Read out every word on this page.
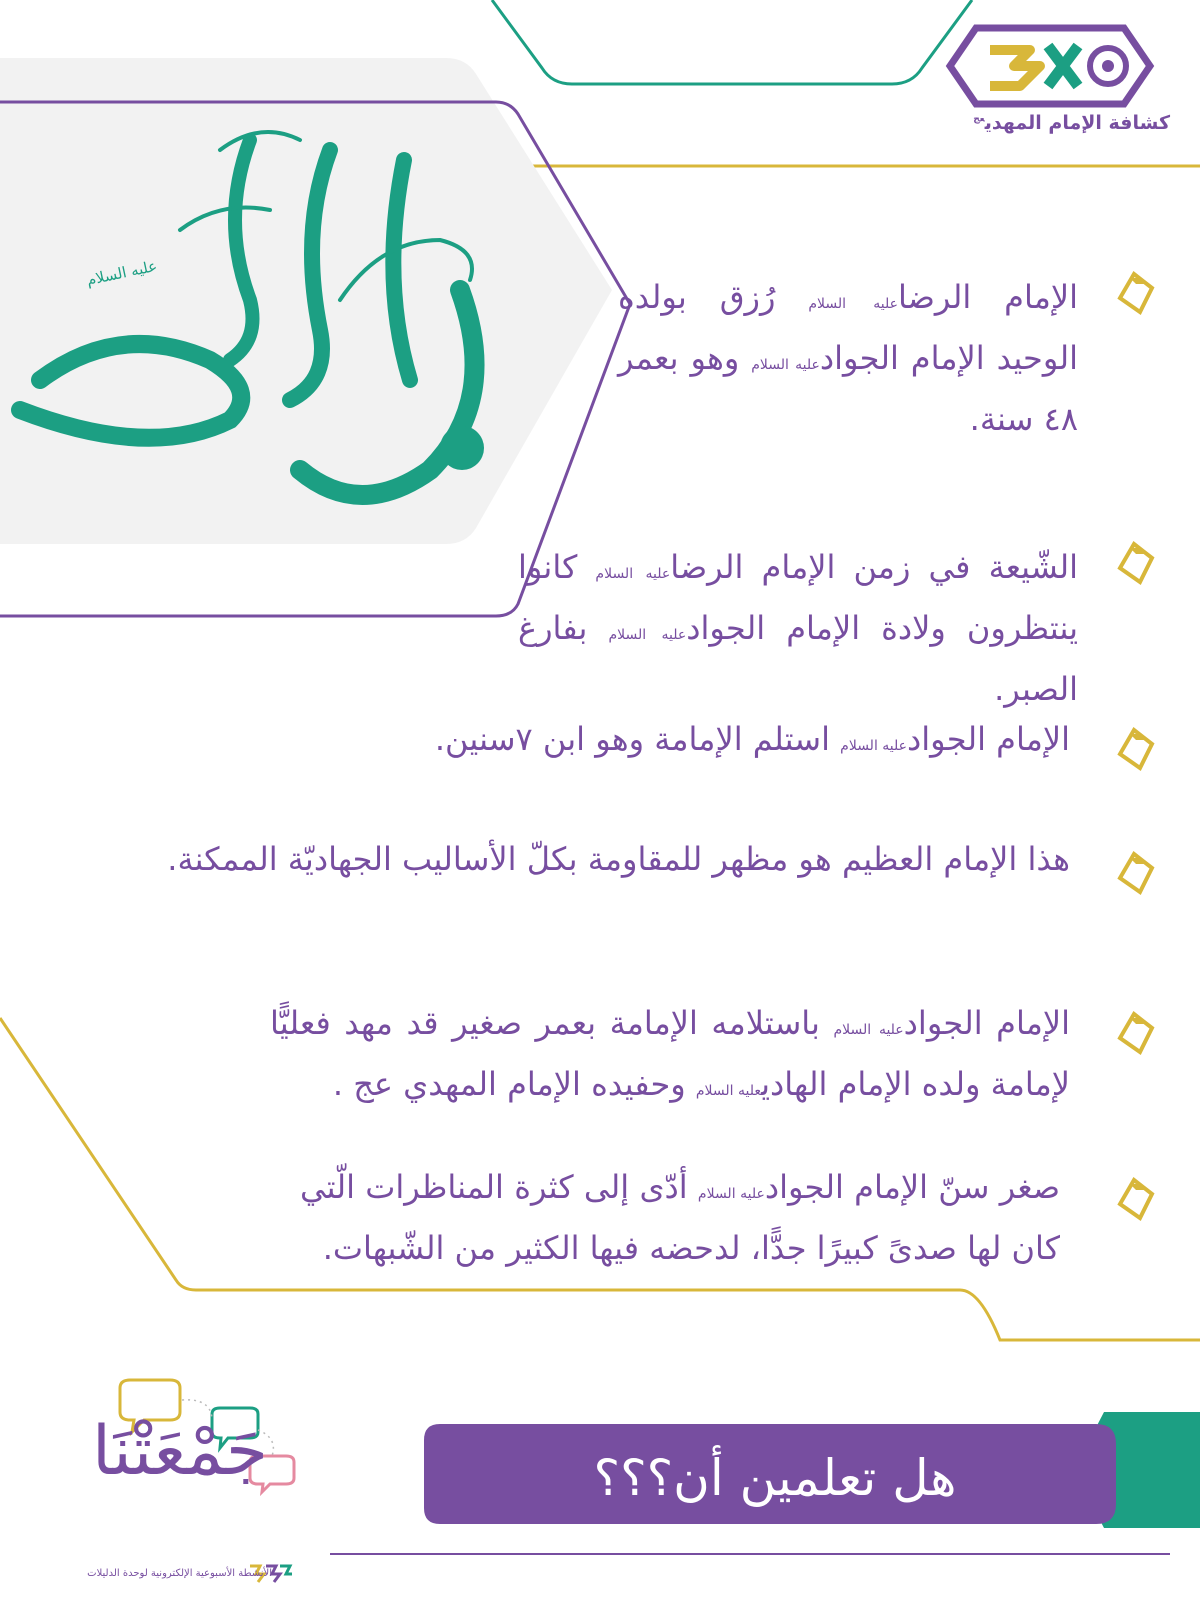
كشافة الإمام المهدي$^{عج}$
عليه السلام

الإمام الرضاعليه السلام رُزق بولده الوحيد الإمام الجوادعليه السلام وهو بعمر ٤٨ سنة.

الشّيعة في زمن الإمام الرضاعليه السلام كانوا ينتظرون ولادة الإمام الجوادعليه السلام بفارغ الصبر.

الإمام الجوادعليه السلام استلم الإمامة وهو ابن ٧سنين.

هذا الإمام العظيم هو مظهر للمقاومة بكلّ الأساليب الجهاديّة الممكنة.

الإمام الجوادعليه السلام باستلامه الإمامة بعمر صغير قد مهد فعليًّا لإمامة ولده الإمام الهاديعليه السلام وحفيده الإمام المهدي عج .

صغر سنّ الإمام الجوادعليه السلام أدّى إلى كثرة المناظرات الّتي كان لها صدىً كبيرًا جدًّا، لدحضه فيها الكثير من الشّبهات.

هل تعلمين أن؟؟؟
جَمْعَتْنَا
الأنشطة الأسبوعية الإلكترونية لوحدة الدليلات
